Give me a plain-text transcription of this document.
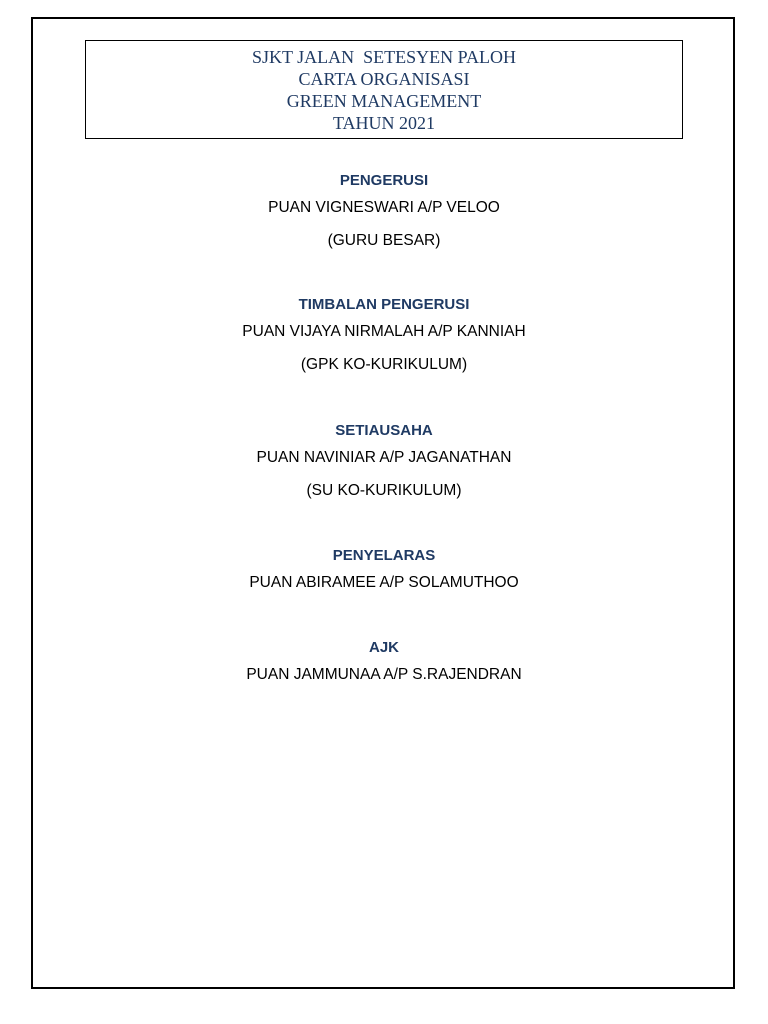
SJKT JALAN  SETESYEN PALOH
CARTA ORGANISASI
GREEN MANAGEMENT
TAHUN 2021
PENGERUSI
PUAN VIGNESWARI A/P VELOO
(GURU BESAR)
TIMBALAN PENGERUSI
PUAN VIJAYA NIRMALAH A/P KANNIAH
(GPK KO-KURIKULUM)
SETIAUSAHA
PUAN NAVINIAR A/P JAGANATHAN
(SU KO-KURIKULUM)
PENYELARAS
PUAN ABIRAMEE A/P SOLAMUTHOO
AJK
PUAN JAMMUNAA A/P S.RAJENDRAN
